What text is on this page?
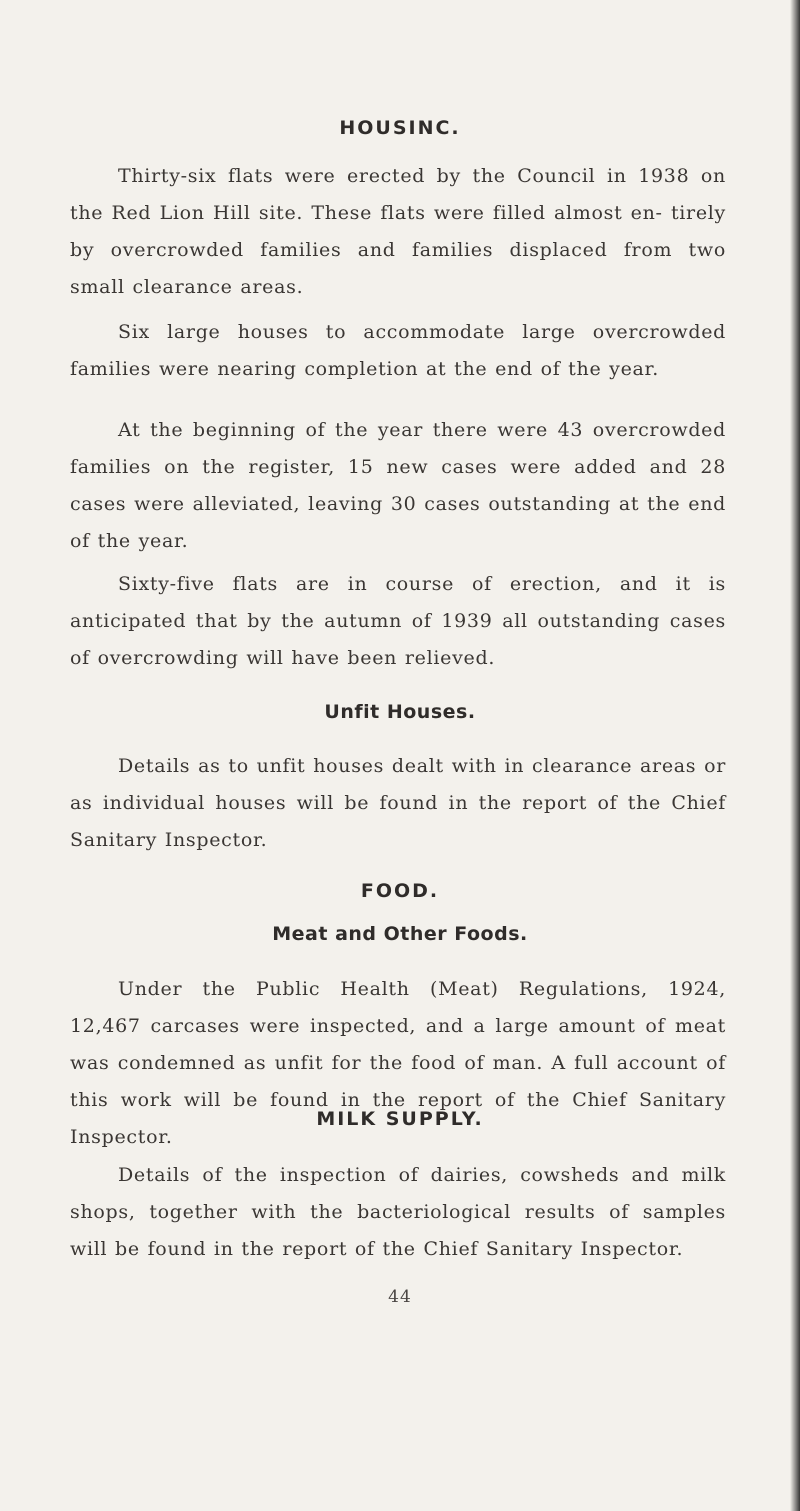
HOUSINC.

Thirty-six flats were erected by the Council in 1938 on the Red Lion Hill site. These flats were filled almost en- tirely by overcrowded families and families displaced from two small clearance areas.

Six large houses to accommodate large overcrowded families were nearing completion at the end of the year.

At the beginning of the year there were 43 overcrowded families on the register, 15 new cases were added and 28 cases were alleviated, leaving 30 cases outstanding at the end of the year.

Sixty-five flats are in course of erection, and it is anticipated that by the autumn of 1939 all outstanding cases of overcrowding will have been relieved.

Unfit Houses.

Details as to unfit houses dealt with in clearance areas or as individual houses will be found in the report of the Chief Sanitary Inspector.

FOOD.
Meat and Other Foods.

Under the Public Health (Meat) Regulations, 1924, 12,467 carcases were inspected, and a large amount of meat was condemned as unfit for the food of man. A full account of this work will be found in the report of the Chief Sanitary Inspector.

MILK SUPPLY.

Details of the inspection of dairies, cowsheds and milk shops, together with the bacteriological results of samples will be found in the report of the Chief Sanitary Inspector.

44
